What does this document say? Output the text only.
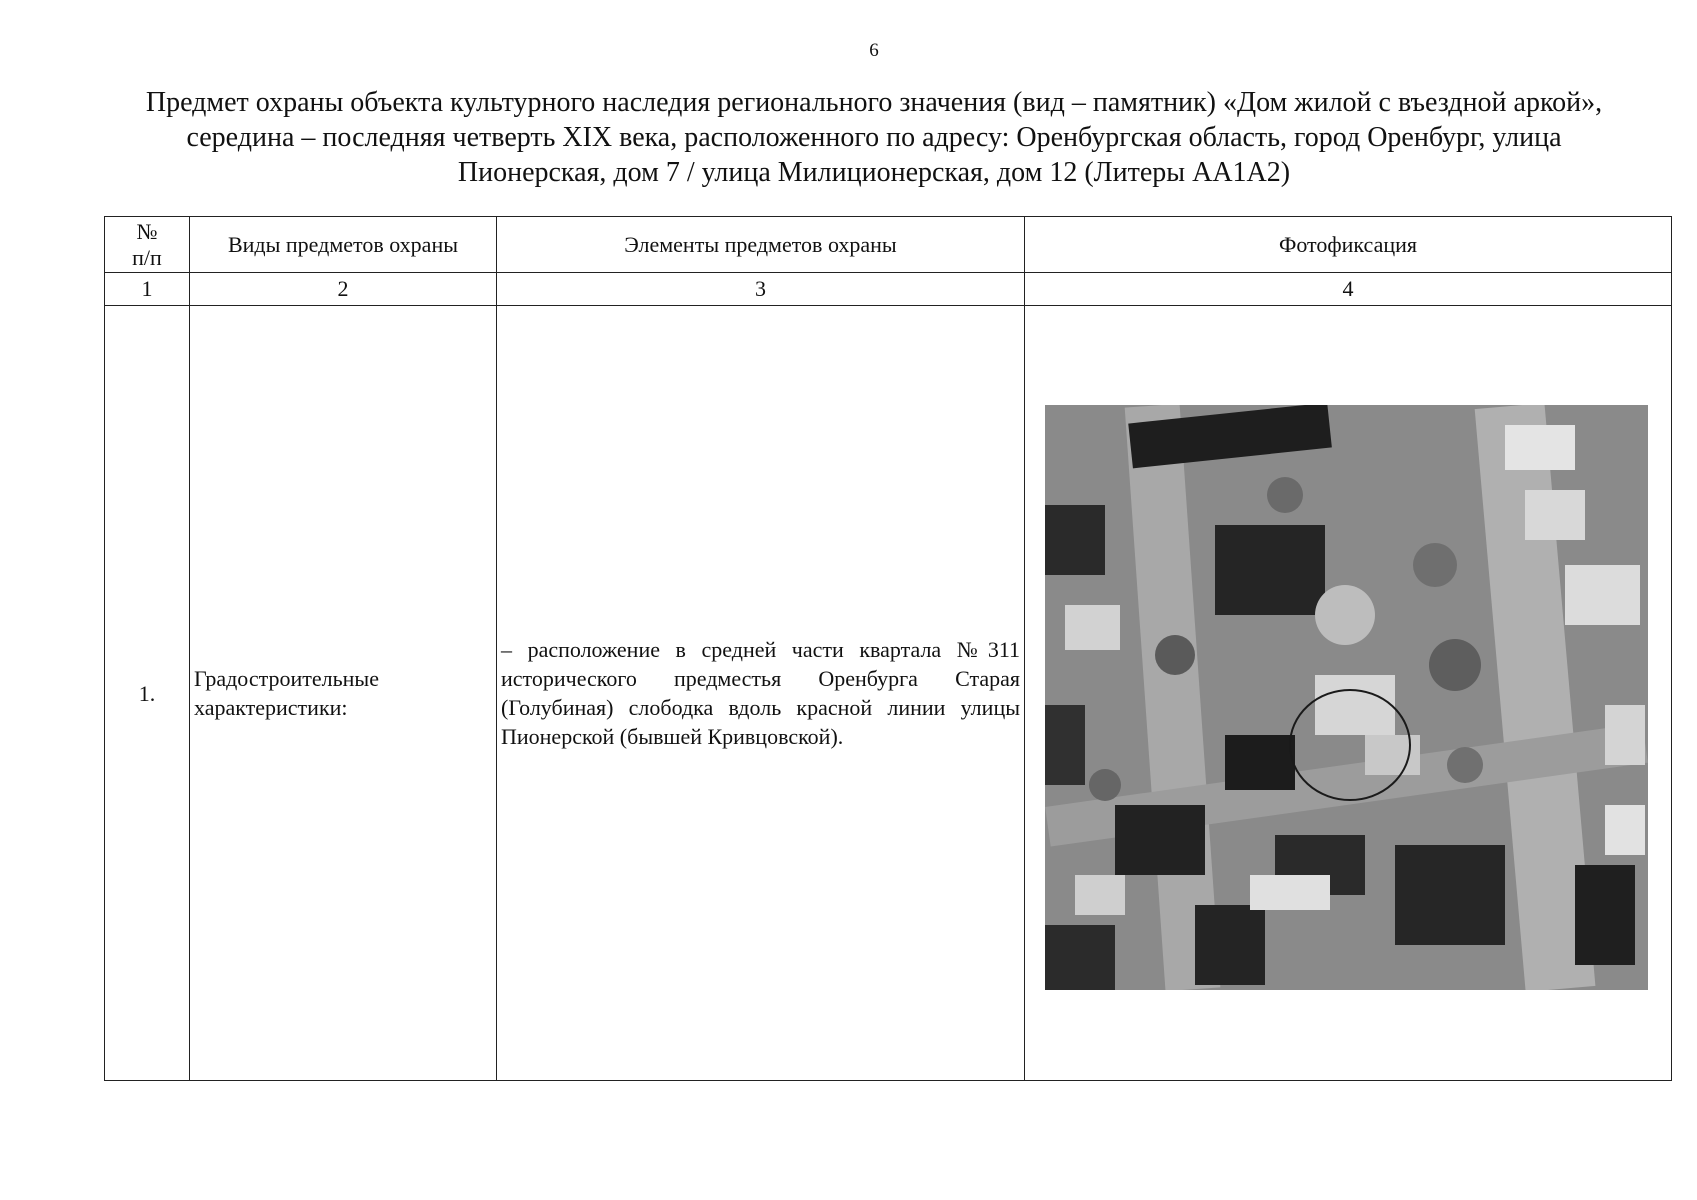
6
Предмет охраны объекта культурного наследия регионального значения (вид – памятник) «Дом жилой с въездной аркой»,
середина – последняя четверть XIX века, расположенного по адресу: Оренбургская область, город Оренбург, улица
Пионерская, дом 7 / улица Милиционерская, дом 12 (Литеры АА1А2)
№
п/п	Виды предметов охраны	Элементы предметов охраны	Фотофиксация
1	2	3	4
1.	Градостроительные характеристики:	– расположение в средней части квартала №311 исторического предместья Оренбурга Старая (Голубиная) слободка вдоль красной линии улицы Пионерской (бывшей Кривцовской).	
